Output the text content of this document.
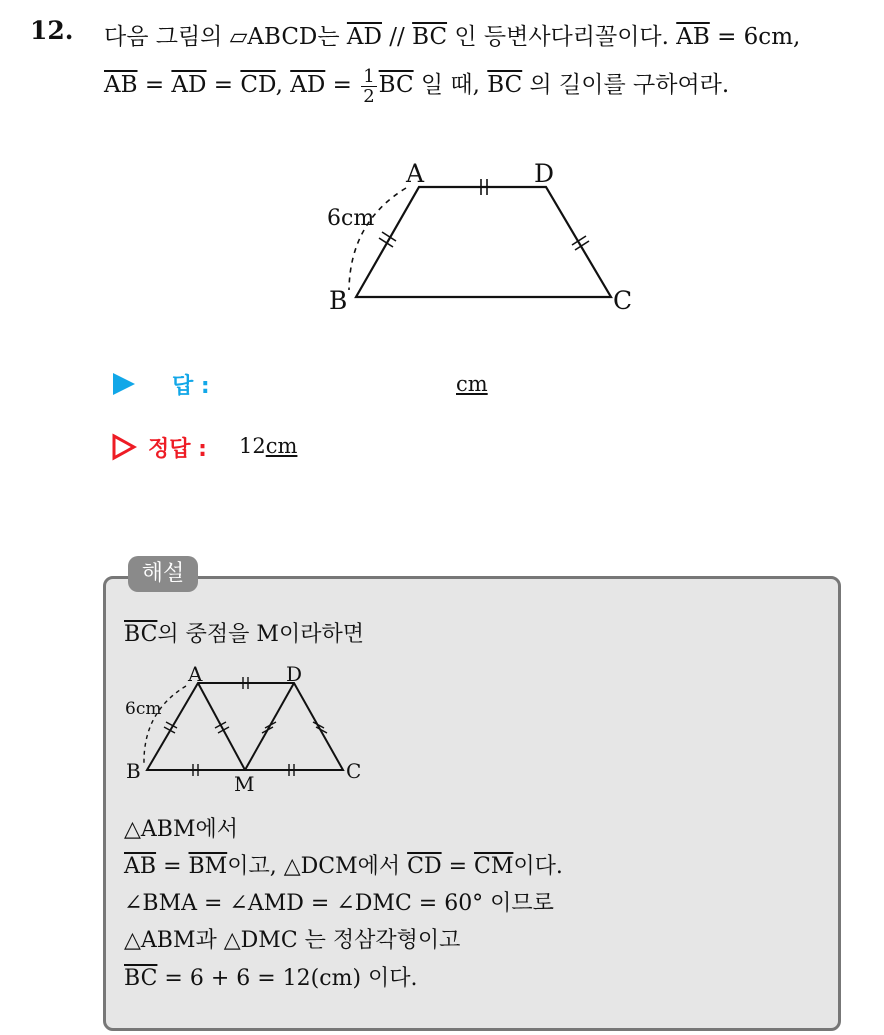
12. 다음 그림의 ▱ABCD는 $\overline{AD} // \overline{BC}$ 인 등변사다리꼴이다. $\overline{AB} = 6cm$,
$\overline{AB} = \overline{AD} = \overline{CD}$, $\overline{AD} = \frac{1}{2} \overline{BC}$ 일 때, $\overline{BC}$ 의 길이를 구하여라.
A	D
B	C
6cm
답 :	cm
정답 : 12cm
해설
$\overline{BC}$의 중점을 M이라하면
A	D
B	C
M
6cm
△ABM에서
$\overline{AB} = \overline{BM}$이고, △DCM에서 $\overline{CD} = \overline{CM}$이다.
∠BMA = ∠AMD = ∠DMC = 60° 이므로
△ABM과 △DMC 는 정삼각형이고
$\overline{BC} = 6 + 6 = 12(cm)$ 이다.
